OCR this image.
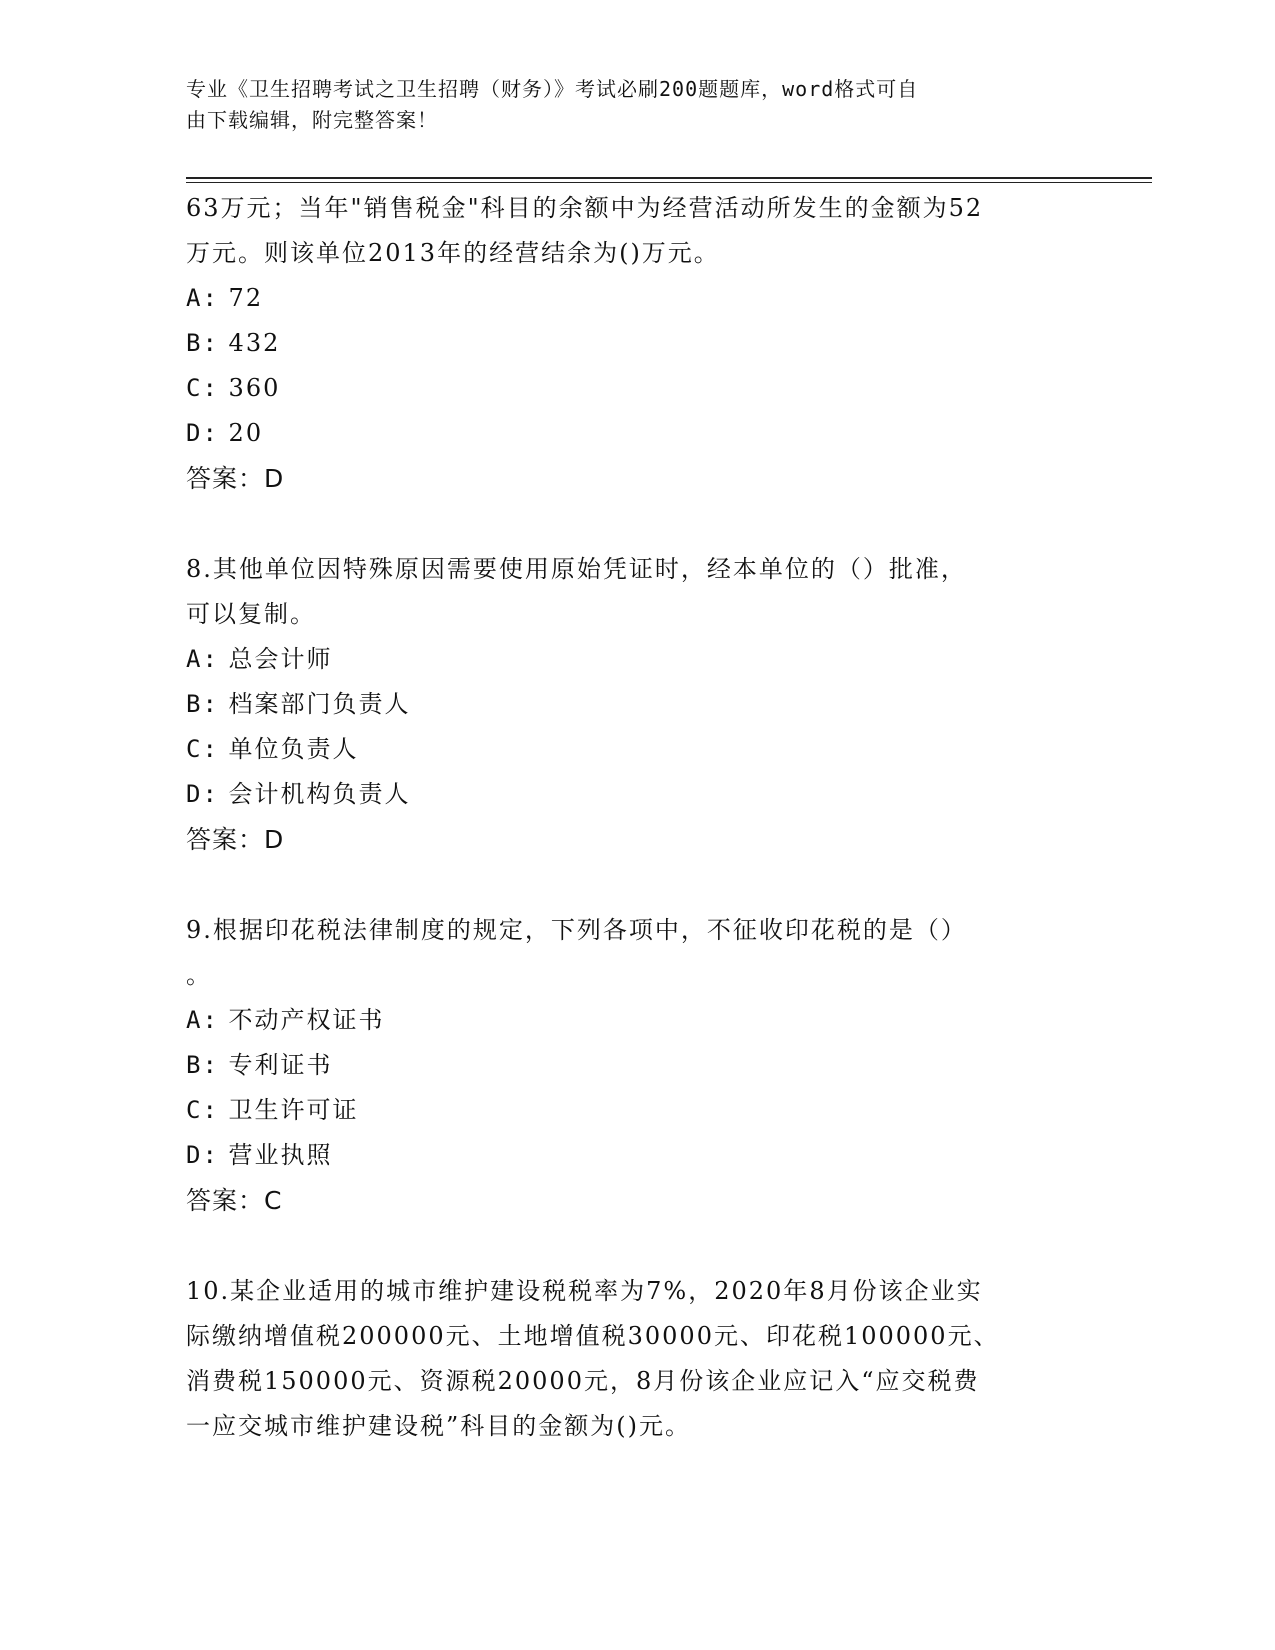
专业《卫生招聘考试之卫生招聘（财务）》考试必刷200题题库，word格式可自
由下载编辑，附完整答案！

63万元；当年"销售税金"科目的余额中为经营活动所发生的金额为52

万元。则该单位2013年的经营结余为()万元。

A: 72

B: 432

C: 360

D: 20

答案：D

8.其他单位因特殊原因需要使用原始凭证时，经本单位的（）批准，

可以复制。

A: 总会计师

B: 档案部门负责人

C: 单位负责人

D: 会计机构负责人

答案：D

9.根据印花税法律制度的规定，下列各项中，不征收印花税的是（）

。

A: 不动产权证书

B: 专利证书

C: 卫生许可证

D: 营业执照

答案：C

10.某企业适用的城市维护建设税税率为7%，2020年8月份该企业实

际缴纳增值税200000元、土地增值税30000元、印花税100000元、

消费税150000元、资源税20000元，8月份该企业应记入“应交税费

一应交城市维护建设税”科目的金额为()元。
